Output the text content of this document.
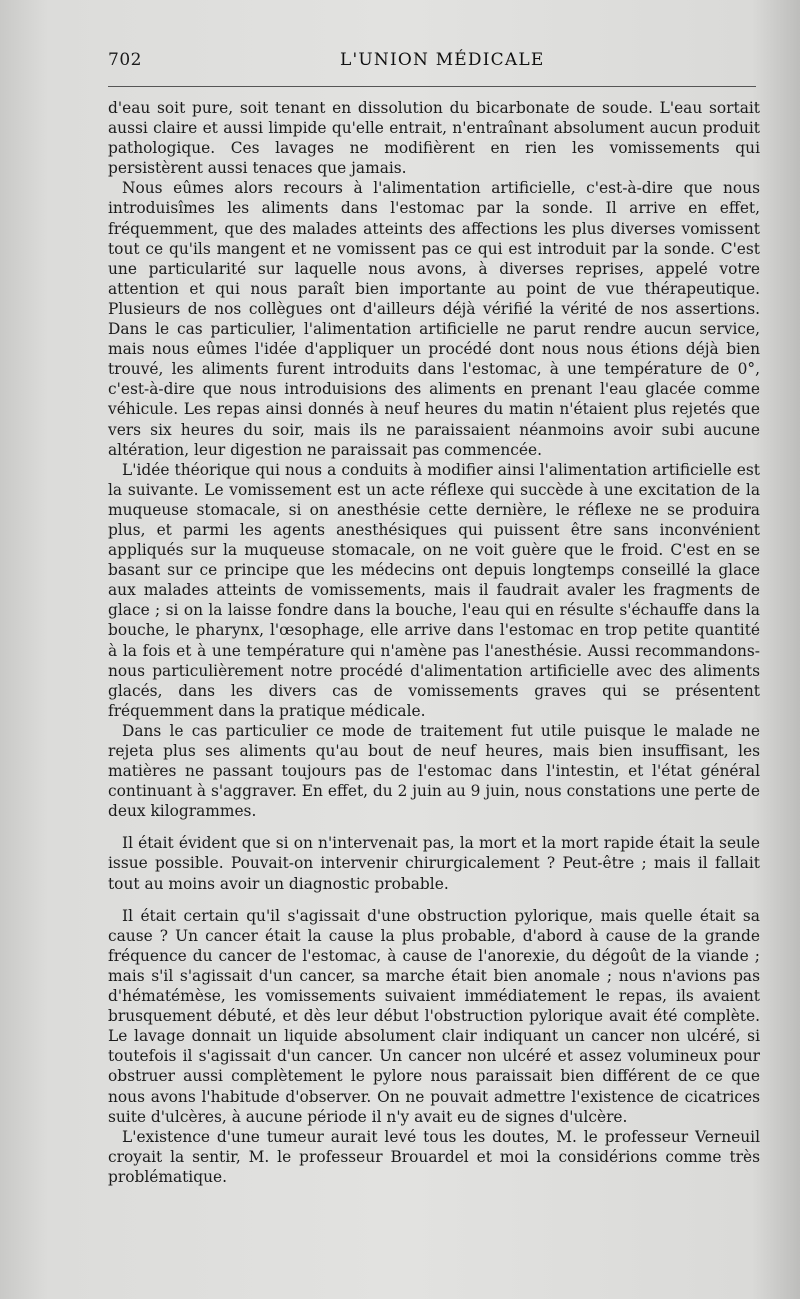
702	L'UNION MÉDICALE

d'eau soit pure, soit tenant en dissolution du bicarbonate de soude. L'eau sortait aussi claire et aussi limpide qu'elle entrait, n'entraînant absolument aucun produit pathologique. Ces lavages ne modifièrent en rien les vomissements qui persistèrent aussi tenaces que jamais.

Nous eûmes alors recours à l'alimentation artificielle, c'est-à-dire que nous introduisîmes les aliments dans l'estomac par la sonde. Il arrive en effet, fréquemment, que des malades atteints des affections les plus diverses vomissent tout ce qu'ils mangent et ne vomissent pas ce qui est introduit par la sonde. C'est une particularité sur laquelle nous avons, à diverses reprises, appelé votre attention et qui nous paraît bien importante au point de vue thérapeutique. Plusieurs de nos collègues ont d'ailleurs déjà vérifié la vérité de nos assertions. Dans le cas particulier, l'alimentation artificielle ne parut rendre aucun service, mais nous eûmes l'idée d'appliquer un procédé dont nous nous étions déjà bien trouvé, les aliments furent introduits dans l'estomac, à une température de 0°, c'est-à-dire que nous introduisions des aliments en prenant l'eau glacée comme véhicule. Les repas ainsi donnés à neuf heures du matin n'étaient plus rejetés que vers six heures du soir, mais ils ne paraissaient néanmoins avoir subi aucune altération, leur digestion ne paraissait pas commencée.

L'idée théorique qui nous a conduits à modifier ainsi l'alimentation artificielle est la suivante. Le vomissement est un acte réflexe qui succède à une excitation de la muqueuse stomacale, si on anesthésie cette dernière, le réflexe ne se produira plus, et parmi les agents anesthésiques qui puissent être sans inconvénient appliqués sur la muqueuse stomacale, on ne voit guère que le froid. C'est en se basant sur ce principe que les médecins ont depuis longtemps conseillé la glace aux malades atteints de vomissements, mais il faudrait avaler les fragments de glace ; si on la laisse fondre dans la bouche, l'eau qui en résulte s'échauffe dans la bouche, le pharynx, l'œsophage, elle arrive dans l'estomac en trop petite quantité à la fois et à une température qui n'amène pas l'anesthésie. Aussi recommandons-nous particulièrement notre procédé d'alimentation artificielle avec des aliments glacés, dans les divers cas de vomissements graves qui se présentent fréquemment dans la pratique médicale.

Dans le cas particulier ce mode de traitement fut utile puisque le malade ne rejeta plus ses aliments qu'au bout de neuf heures, mais bien insuffisant, les matières ne passant toujours pas de l'estomac dans l'intestin, et l'état général continuant à s'aggraver. En effet, du 2 juin au 9 juin, nous constations une perte de deux kilogrammes.

Il était évident que si on n'intervenait pas, la mort et la mort rapide était la seule issue possible. Pouvait-on intervenir chirurgicalement ? Peut-être ; mais il fallait tout au moins avoir un diagnostic probable.

Il était certain qu'il s'agissait d'une obstruction pylorique, mais quelle était sa cause ? Un cancer était la cause la plus probable, d'abord à cause de la grande fréquence du cancer de l'estomac, à cause de l'anorexie, du dégoût de la viande ; mais s'il s'agissait d'un cancer, sa marche était bien anomale ; nous n'avions pas d'hématémèse, les vomissements suivaient immédiatement le repas, ils avaient brusquement débuté, et dès leur début l'obstruction pylorique avait été complète. Le lavage donnait un liquide absolument clair indiquant un cancer non ulcéré, si toutefois il s'agissait d'un cancer. Un cancer non ulcéré et assez volumineux pour obstruer aussi complètement le pylore nous paraissait bien différent de ce que nous avons l'habitude d'observer. On ne pouvait admettre l'existence de cicatrices suite d'ulcères, à aucune période il n'y avait eu de signes d'ulcère.

L'existence d'une tumeur aurait levé tous les doutes, M. le professeur Verneuil croyait la sentir, M. le professeur Brouardel et moi la considérions comme très problématique.
